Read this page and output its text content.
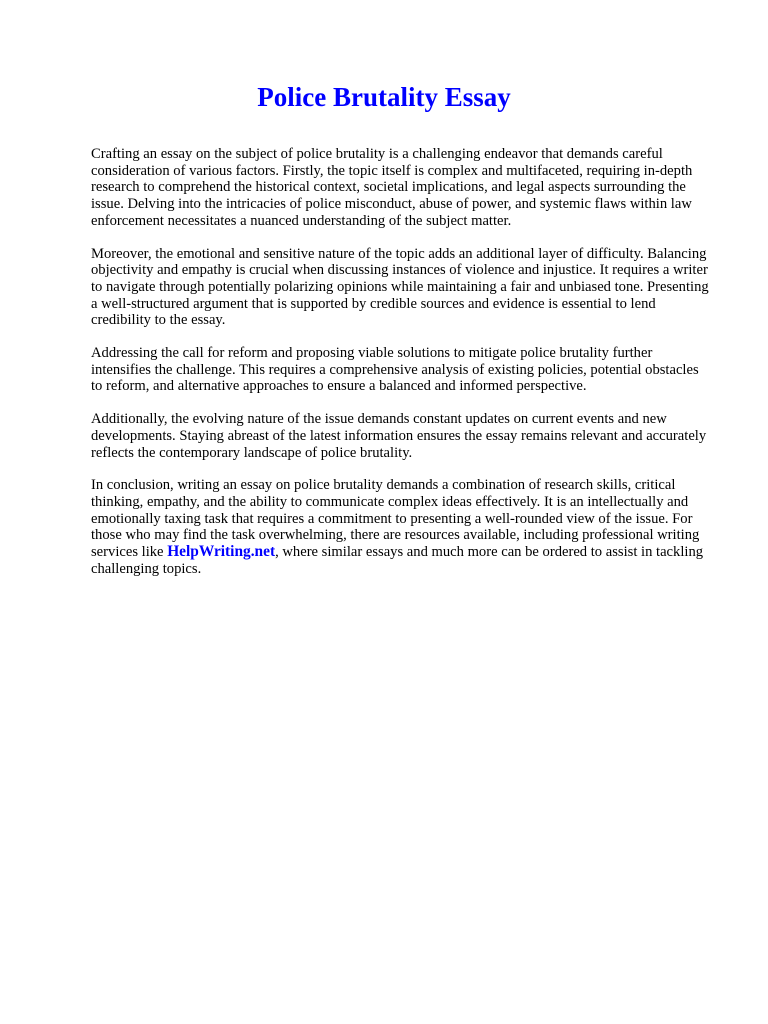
Police Brutality Essay

Crafting an essay on the subject of police brutality is a challenging endeavor that demands careful consideration of various factors. Firstly, the topic itself is complex and multifaceted, requiring in-depth research to comprehend the historical context, societal implications, and legal aspects surrounding the issue. Delving into the intricacies of police misconduct, abuse of power, and systemic flaws within law enforcement necessitates a nuanced understanding of the subject matter.

Moreover, the emotional and sensitive nature of the topic adds an additional layer of difficulty. Balancing objectivity and empathy is crucial when discussing instances of violence and injustice. It requires a writer to navigate through potentially polarizing opinions while maintaining a fair and unbiased tone. Presenting a well-structured argument that is supported by credible sources and evidence is essential to lend credibility to the essay.

Addressing the call for reform and proposing viable solutions to mitigate police brutality further intensifies the challenge. This requires a comprehensive analysis of existing policies, potential obstacles to reform, and alternative approaches to ensure a balanced and informed perspective.

Additionally, the evolving nature of the issue demands constant updates on current events and new developments. Staying abreast of the latest information ensures the essay remains relevant and accurately reflects the contemporary landscape of police brutality.

In conclusion, writing an essay on police brutality demands a combination of research skills, critical thinking, empathy, and the ability to communicate complex ideas effectively. It is an intellectually and emotionally taxing task that requires a commitment to presenting a well-rounded view of the issue. For those who may find the task overwhelming, there are resources available, including professional writing services like HelpWriting.net, where similar essays and much more can be ordered to assist in tackling challenging topics.
